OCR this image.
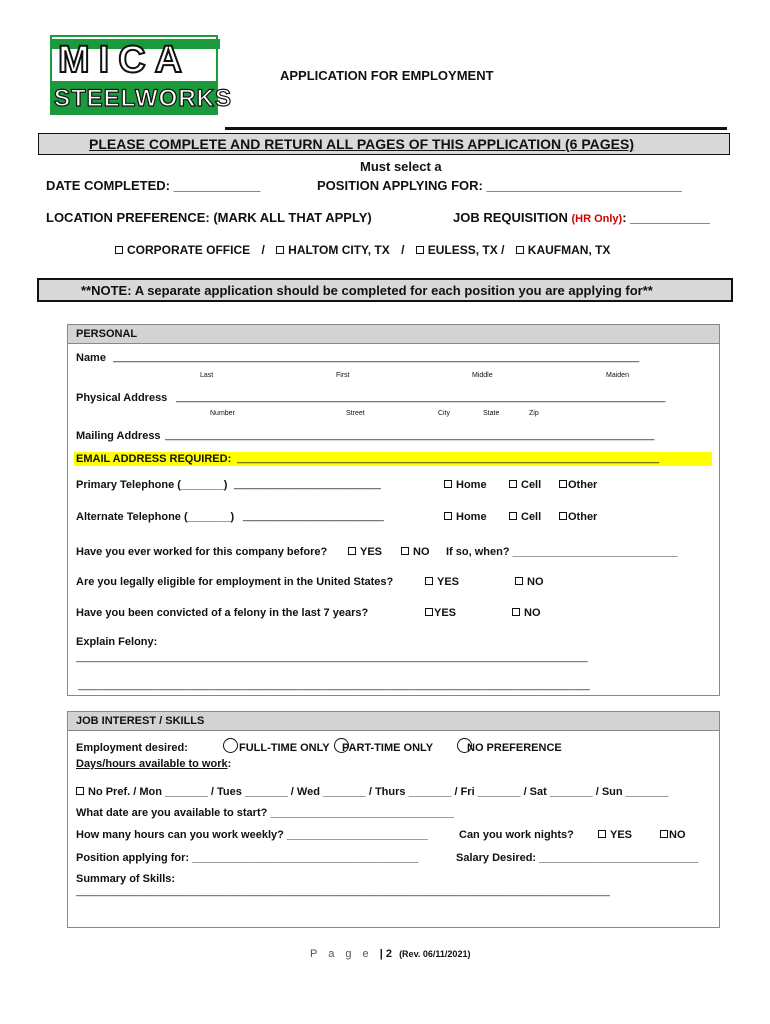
MICA
STEELWORKS
APPLICATION FOR EMPLOYMENT
PLEASE COMPLETE AND RETURN ALL PAGES OF THIS APPLICATION (6 PAGES)
Must select a
DATE COMPLETED: ____________	POSITION APPLYING FOR: ___________________________
LOCATION PREFERENCE: (MARK ALL THAT APPLY)	JOB REQUISITION (HR Only): ___________
CORPORATE OFFICE / HALTOM CITY, TX / EULESS, TX / KAUFMAN, TX
**NOTE: A separate application should be completed for each position you are applying for**
PERSONAL
Name ______________________________________________________________________________________
Last	First	Middle	Maiden
Physical Address ________________________________________________________________________________
Number	Street	City	State	Zip
Mailing Address ________________________________________________________________________________
EMAIL ADDRESS REQUIRED: _____________________________________________________________________
Primary Telephone (_______) ________________________	Home	Cell	Other
Alternate Telephone (_______) _______________________	Home	Cell	Other
Have you ever worked for this company before?	YES	NO If so, when? ___________________________
Are you legally eligible for employment in the United States?	YES	NO
Have you been convicted of a felony in the last 7 years?	YES	NO
Explain Felony:
____________________________________________________________________________________________
____________________________________________________________________________________________
JOB INTEREST / SKILLS
Employment desired:	FULL-TIME ONLY PART-TIME ONLY	NO PREFERENCE
Days/hours available to work:
No Pref. / Mon _______ / Tues _______ / Wed _______ / Thurs _______ / Fri _______ / Sat _______ / Sun _______
What date are you available to start? ______________________________
How many hours can you work weekly? _______________________	Can you work nights?	YES	NO
Position applying for: _____________________________________	Salary Desired: __________________________
Summary of Skills:
________________________________________________________________________________________________
P a g e | 2 (Rev. 06/11/2021)
